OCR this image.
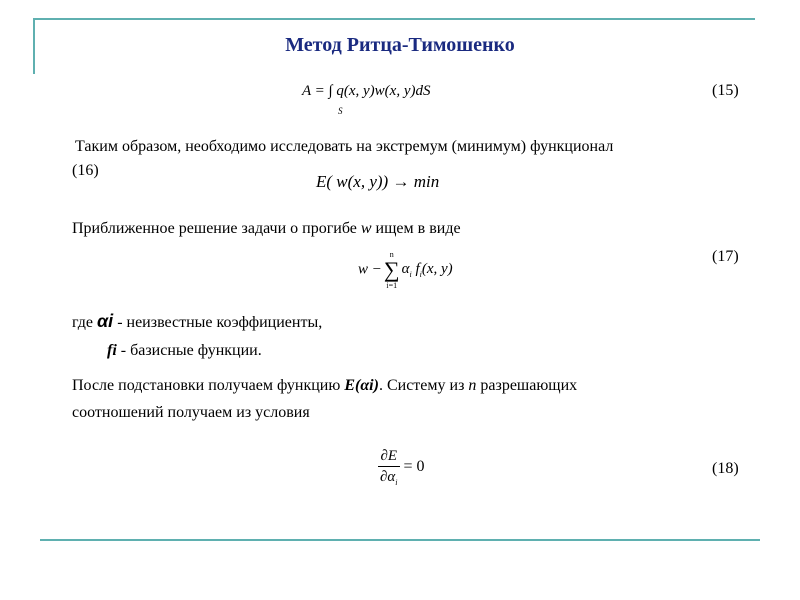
Метод Ритца-Тимошенко
A = ∫ q(x, y)w(x, y)dS
S
(15)
Таким образом, необходимо исследовать на экстремум (минимум) функционал
(16)
E( w(x, y)) → min
Приближенное решение задачи о прогибе w ищем в виде
w −
n
∑
i=1
$\alpha_i$ $f_i(x$, y)
(17)
где αi - неизвестные коэффициенты,
fi - базисные функции.
После подстановки получаем функцию E(αi). Систему из n разрешающих
соотношений получаем из условия
$\frac{\partial E}{\partial\alpha_i} = 0$	(18)
